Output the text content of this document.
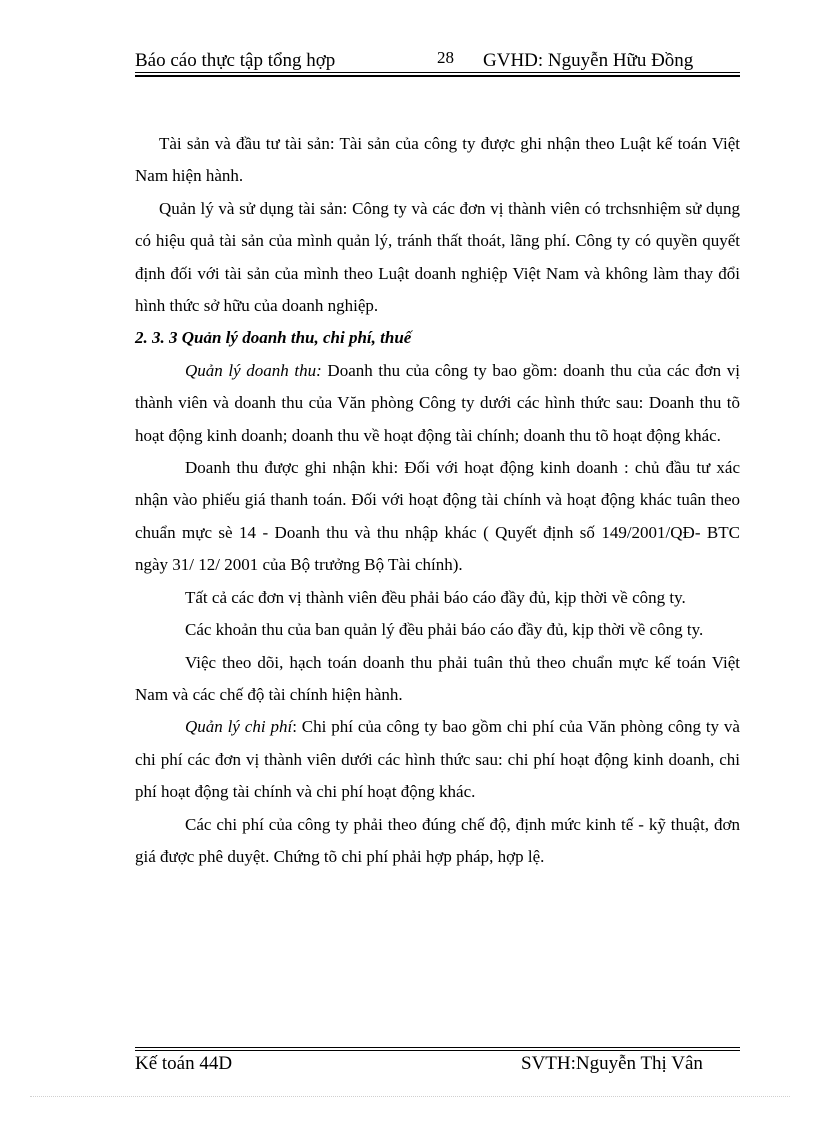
Báo cáo thực tập tổng hợp	28 GVHD: Nguyễn Hữu Đồng

Tài sản và đầu tư tài sản: Tài sản của công ty được ghi nhận theo Luật kế toán Việt Nam hiện hành.

Quản lý và sử dụng tài sản: Công ty và các đơn vị thành viên có trchsnhiệm sử dụng có hiệu quả tài sản của mình quản lý, tránh thất thoát, lãng phí. Công ty có quyền quyết định đối với tài sản của mình theo Luật doanh nghiệp Việt Nam và không làm thay đổi hình thức sở hữu của doanh nghiệp.

2. 3. 3 Quản lý doanh thu, chi phí, thuế

Quản lý doanh thu: Doanh thu của công ty bao gồm: doanh thu của các đơn vị thành viên và doanh thu của Văn phòng Công ty dưới các hình thức sau: Doanh thu tõ hoạt động kinh doanh; doanh thu về hoạt động tài chính; doanh thu tõ hoạt động khác.

Doanh thu được ghi nhận khi: Đối với hoạt động kinh doanh : chủ đầu tư xác nhận vào phiếu giá thanh toán. Đối với hoạt động tài chính và hoạt động khác tuân theo chuẩn mực sè 14 - Doanh thu và thu nhập khác ( Quyết định số 149/2001/QĐ- BTC ngày 31/ 12/ 2001 của Bộ trưởng Bộ Tài chính).

Tất cả các đơn vị thành viên đều phải báo cáo đầy đủ, kịp thời về công ty.

Các khoản thu của ban quản lý đều phải báo cáo đầy đủ, kịp thời về công ty.

Việc theo dõi, hạch toán doanh thu phải tuân thủ theo chuẩn mực kế toán Việt Nam và các chế độ tài chính hiện hành.

Quản lý chi phí: Chi phí của công ty bao gồm chi phí của Văn phòng công ty và chi phí các đơn vị thành viên dưới các hình thức sau: chi phí hoạt động kinh doanh, chi phí hoạt động tài chính và chi phí hoạt động khác.

Các chi phí của công ty phải theo đúng chế độ, định mức kinh tế - kỹ thuật, đơn giá được phê duyệt. Chứng tõ chi phí phải hợp pháp, hợp lệ.

Kế toán 44D	SVTH:Nguyễn Thị Vân
